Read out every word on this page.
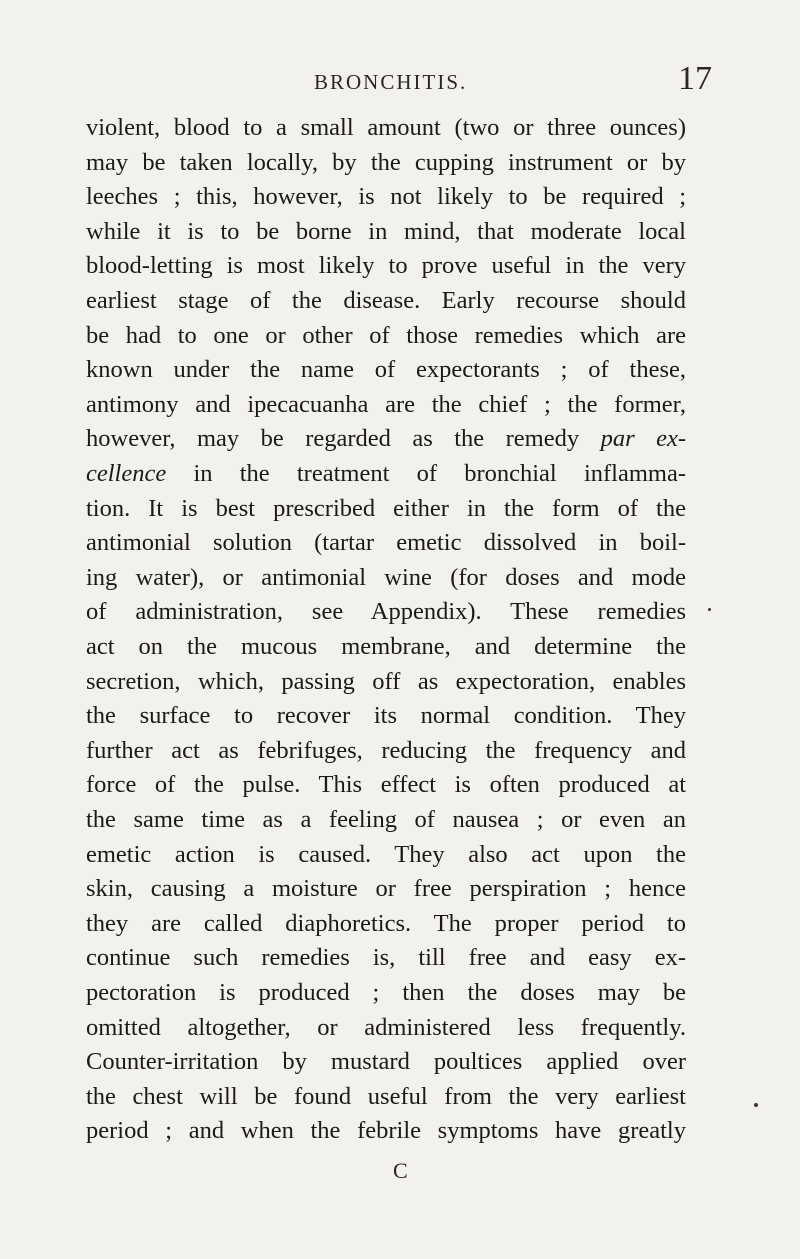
BRONCHITIS.	17
violent, blood to a small amount (two or three ounces)
may be taken locally, by the cupping instrument or by
leeches ; this, however, is not likely to be required ;
while it is to be borne in mind, that moderate local
blood-letting is most likely to prove useful in the very
earliest stage of the disease. Early recourse should
be had to one or other of those remedies which are
known under the name of expectorants ; of these,
antimony and ipecacuanha are the chief ; the former,
however, may be regarded as the remedy par ex-
cellence in the treatment of bronchial inflamma-
tion. It is best prescribed either in the form of the
antimonial solution (tartar emetic dissolved in boil-
ing water), or antimonial wine (for doses and mode
of administration, see Appendix). These remedies
act on the mucous membrane, and determine the
secretion, which, passing off as expectoration, enables
the surface to recover its normal condition. They
further act as febrifuges, reducing the frequency and
force of the pulse. This effect is often produced at
the same time as a feeling of nausea ; or even an
emetic action is caused. They also act upon the
skin, causing a moisture or free perspiration ; hence
they are called diaphoretics. The proper period to
continue such remedies is, till free and easy ex-
pectoration is produced ; then the doses may be
omitted altogether, or administered less frequently.
Counter-irritation by mustard poultices applied over
the chest will be found useful from the very earliest
period ; and when the febrile symptoms have greatly
C
